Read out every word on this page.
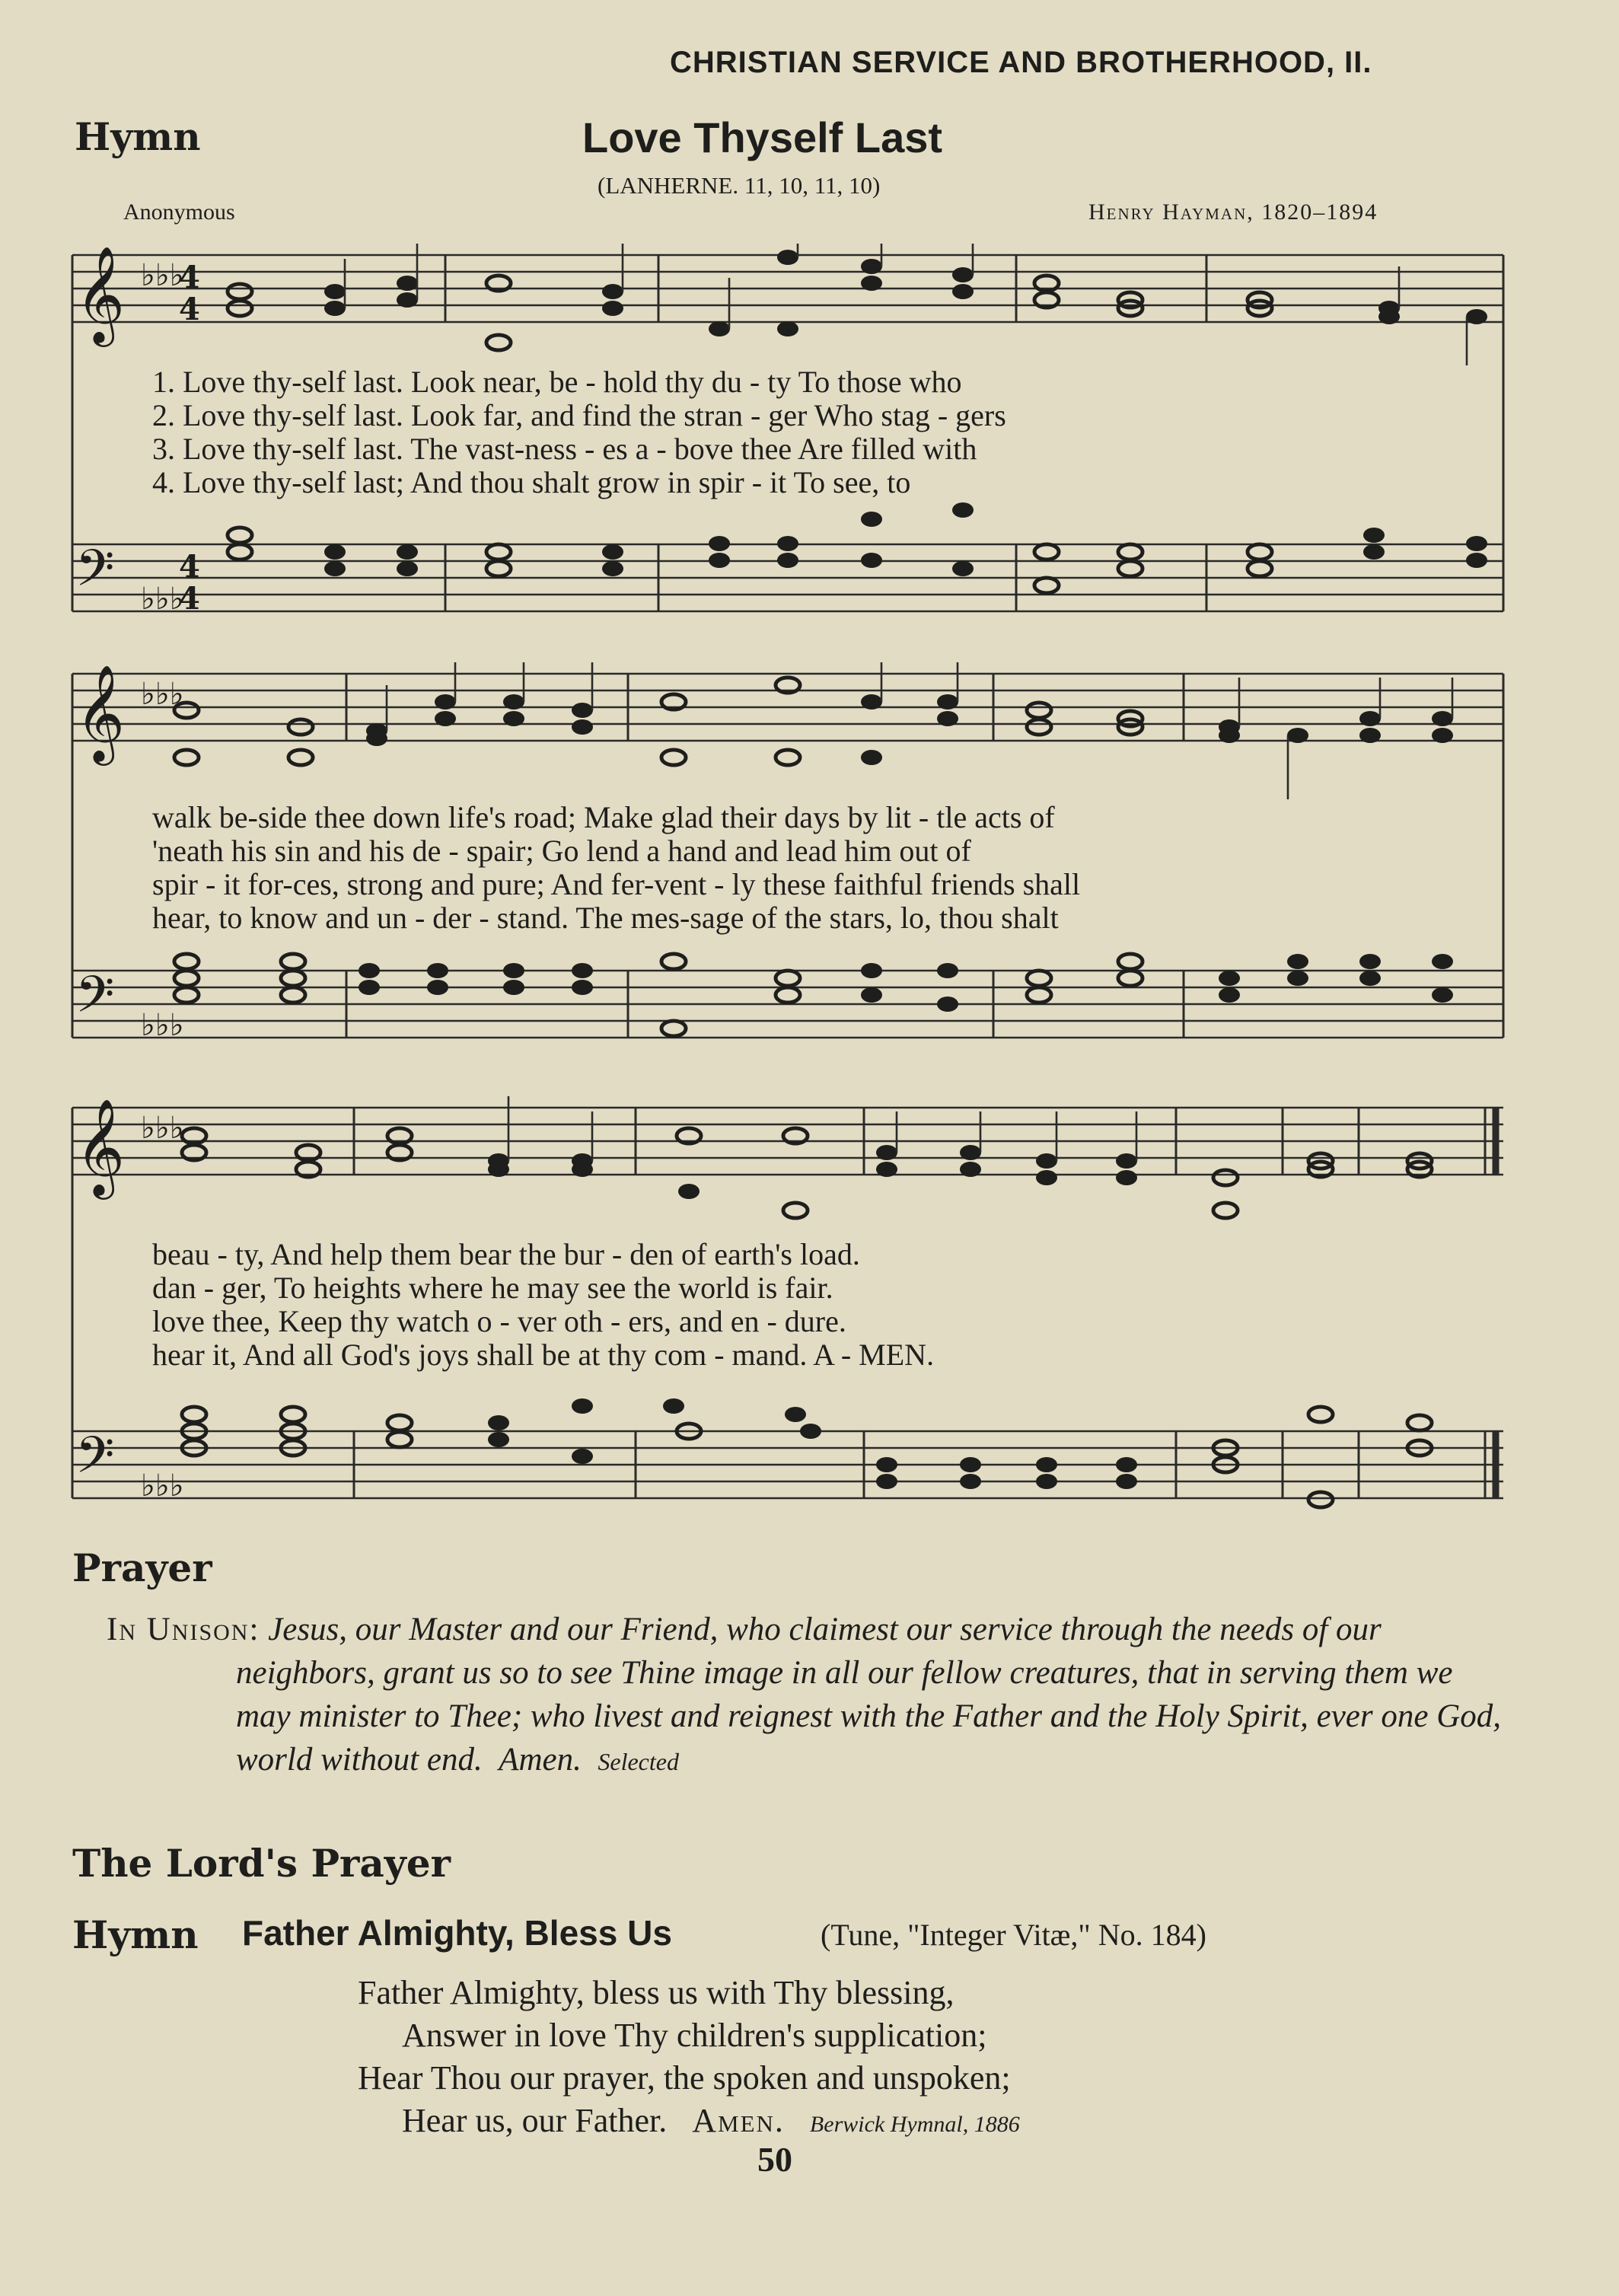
CHRISTIAN SERVICE AND BROTHERHOOD, II.
Hymn	Love Thyself Last
(LANHERNE. 11, 10, 11, 10)
Anonymous	Henry Hayman, 1820–1894
𝄞 ♭♭♭
4
4
𝄢 ♭♭♭
4
4
1. Love thy-self last. Look near, be - hold thy du - ty To those who
2. Love thy-self last. Look far, and find the stran - ger Who stag - gers
3. Love thy-self last. The vast-ness - es a - bove thee Are filled with
4. Love thy-self last; And thou shalt grow in spir - it To see, to
𝄞 ♭♭♭
𝄢 ♭♭♭
walk be-side thee down life's road; Make glad their days by lit - tle acts of
'neath his sin and his de - spair; Go lend a hand and lead him out of
spir - it for-ces, strong and pure; And fer-vent - ly these faithful friends shall
hear, to know and un - der - stand. The mes-sage of the stars, lo, thou shalt
𝄞 ♭♭♭
𝄢 ♭♭♭
beau - ty, And help them bear the bur - den of earth's load.
dan - ger, To heights where he may see the world is fair.
love thee, Keep thy watch o - ver oth - ers, and en - dure.
hear it, And all God's joys shall be at thy com - mand. A - MEN.
Prayer

In Unison: Jesus, our Master and our Friend, who claimest our service through the needs of our neighbors, grant us so to see Thine image in all our fellow creatures, that in serving them we may minister to Thee; who livest and reignest with the Father and the Holy Spirit, ever one God, world without end. Amen. Selected

The Lord's Prayer
Hymn Father Almighty, Bless Us	(Tune, "Integer Vitæ," No. 184)
Father Almighty, bless us with Thy blessing,
Answer in love Thy children's supplication;
Hear Thou our prayer, the spoken and unspoken;
Hear us, our Father. Amen. Berwick Hymnal, 1886
50
